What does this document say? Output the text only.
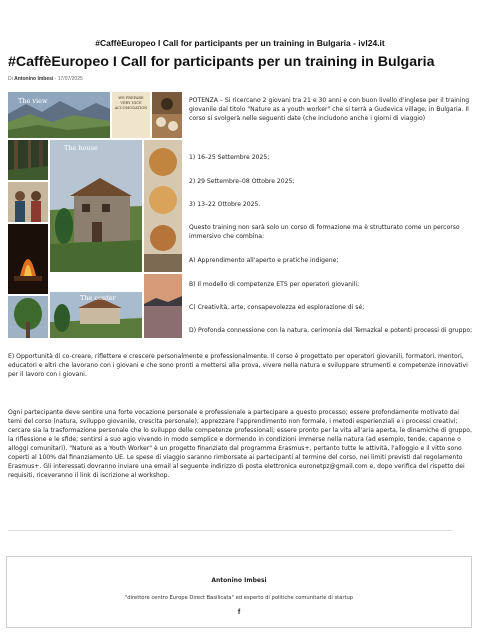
#CaffèEuropeo I Call for participants per un training in Bulgaria - ivl24.it
#CaffèEuropeo I Call for participants per un training in Bulgaria
Di Antonino Imbesi - 17/07/2025
The view	WE PREPARE VERY NICE ACCOMODATION
The house
The center

POTENZA – Si ricercano 2 giovani tra 21 e 30 anni e con buon livello d'inglese per il training giovanile dal titolo "Nature as a youth worker" che si terrà a Gudevica village, in Bulgaria. Il corso si svolgerà nelle seguenti date (che includono anche i giorni di viaggio)

1) 16–25 Settembre 2025;

2) 29 Settembre–08 Ottobre 2025;

3) 13–22 Ottobre 2025.

Questo training non sarà solo un corso di formazione ma è strutturato come un percorso immersivo che combina:

A) Apprendimento all'aperto e pratiche indigene;

B) Il modello di competenze ETS per operatori giovanili;

C) Creatività, arte, consapevolezza ed esplorazione di sé;

D) Profonda connessione con la natura, cerimonia del Temazkal e potenti processi di gruppo;

E) Opportunità di co-creare, riflettere e crescere personalmente e professionalmente. Il corso è progettato per operatori giovanili, formatori, mentori, educatori e altri che lavorano con i giovani e che sono pronti a mettersi alla prova, vivere nella natura e sviluppare strumenti e competenze innovativi per il lavoro con i giovani.

Ogni partecipante deve sentire una forte vocazione personale e professionale a partecipare a questo processo; essere profondamente motivato dai temi del corso (natura, sviluppo giovanile, crescita personale); apprezzare l'apprendimento non formale, i metodi esperienziali e i processi creativi; cercare sia la trasformazione personale che lo sviluppo delle competenze professionali; essere pronto per la vita all'aria aperta, le dinamiche di gruppo, la riflessione e le sfide; sentirsi a suo agio vivendo in modo semplice e dormendo in condizioni immerse nella natura (ad esempio, tende, capanne o alloggi comunitari). "Nature as a Youth Worker" è un progetto finanziato dal programma Erasmus+, pertanto tutte le attività, l'alloggio e il vitto sono coperti al 100% dal finanziamento UE. Le spese di viaggio saranno rimborsate ai partecipanti al termine del corso, nei limiti previsti dal regolamento Erasmus+. Gli interessati dovranno inviare una email al seguente indirizzo di posta elettronica euronetpz@gmail.com e, dopo verifica del rispetto dei requisiti, riceveranno il link di iscrizione al workshop.

Antonino Imbesi
"direttore centro Europe Direct Basilicata" ed esperto di politiche comunitarie di startup
f
